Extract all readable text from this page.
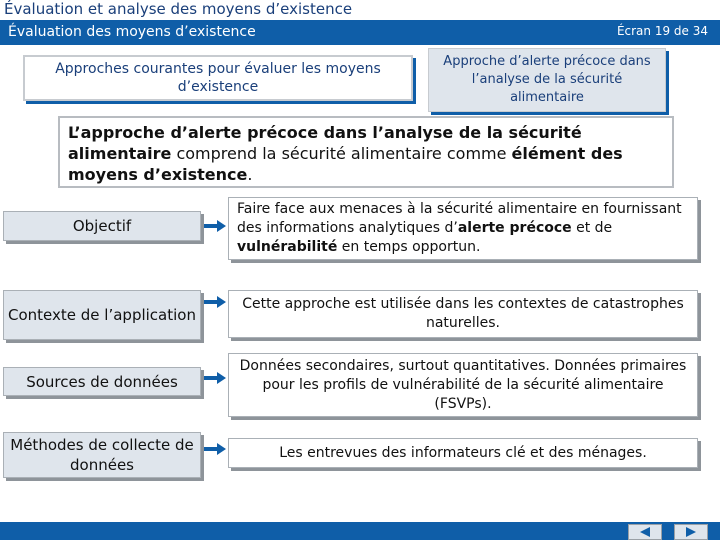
Évaluation et analyse des moyens d’existence
Évaluation des moyens d’existence	Écran 19 de 34
Approches courantes pour évaluer les moyens d’existence
Approche d’alerte précoce dans l’analyse de la sécurité alimentaire
L’approche d’alerte précoce dans l’analyse de la sécurité alimentaire comprend la sécurité alimentaire comme élément des moyens d’existence.
Objectif
Faire face aux menaces à la sécurité alimentaire en fournissant des informations analytiques d’alerte précoce et de vulnérabilité en temps opportun.
Contexte de l’application
Cette approche est utilisée dans les contextes de catastrophes naturelles.
Sources de données
Données secondaires, surtout quantitatives. Données primaires pour les profils de vulnérabilité de la sécurité alimentaire (FSVPs).
Méthodes de collecte de données
Les entrevues des informateurs clé et des ménages.
